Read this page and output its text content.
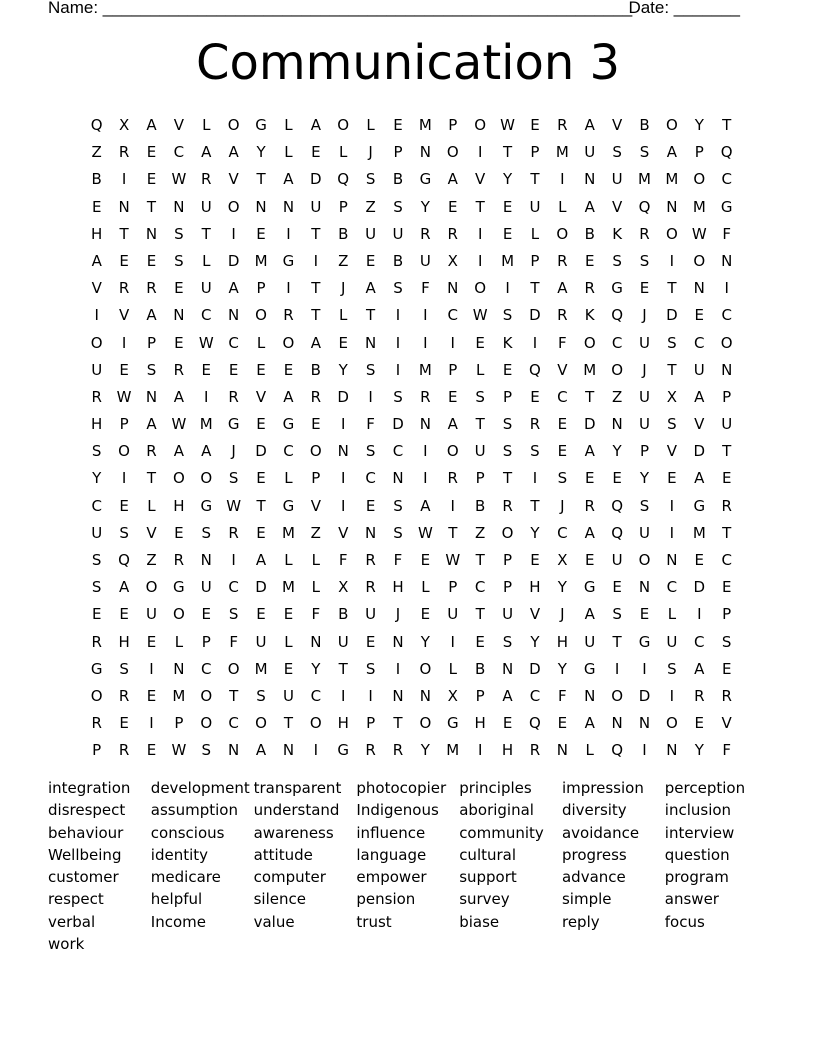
Name: ________________________________________________________
Date: _______
Communication 3
Q	X	A	V	L	O	G	L	A	O	L	E	M	P	O W	E	R	A	V	B	O	Y	T
Z	R	E	C	A	A	Y	L	E	L	J	P	N	O	I	T	P	M	U	S	S	A	P	Q
B	I	E	W R	V	T	A	D	Q	S	B	G	A	V	Y	T	I	N	U	M M	O	C
E	N	T	N	U	O	N	N	U	P	Z	S	Y	E	T	E	U	L	A	V	Q	N	M	G
H	T	N	S	T	I	E	I	T	B	U	U	R	R	I	E	L	O	B	K	R	O W	F
A	E	E	S	L	D	M	G	I	Z	E	B	U	X	I	M	P	R	E	S	S	I	O	N
V	R	R	E	U	A	P	I	T	J	A	S	F	N	O	I	T	A	R	G	E	T	N	I
I	V	A	N	C	N	O	R	T	L	T	I	I	C W	S	D	R	K	Q	J	D	E	C
O	I	P	E	W C	L	O	A	E	N	I	I	I	E	K	I	F	O	C	U	S	C	O
U	E	S	R	E	E	E	E	B	Y	S	I	M	P	L	E	Q	V	M	O	J	T	U	N
R W N	A	I	R	V	A	R	D	I	S	R	E	S	P	E	C	T	Z	U	X	A	P
H	P	A W M	G	E	G	E	I	F	D	N	A	T	S	R	E	D	N	U	S	V	U
S	O	R	A	A	J	D	C	O	N	S	C	I	O	U	S	S	E	A	Y	P	V	D	T
Y	I	T	O	O	S	E	L	P	I	C	N	I	R	P	T	I	S	E	E	Y	E	A	E
C	E	L	H	G W	T	G	V	I	E	S	A	I	B	R	T	J	R	Q	S	I	G	R
U	S	V	E	S	R	E	M	Z	V	N	S	W	T	Z	O	Y	C	A	Q	U	I	M	T
S	Q	Z	R	N	I	A	L	L	F	R	F	E	W	T	P	E	X	E	U	O	N	E	C
S	A	O	G	U	C	D	M	L	X	R	H	L	P	C	P	H	Y	G	E	N	C	D	E
E	E	U	O	E	S	E	E	F	B	U	J	E	U	T	U	V	J	A	S	E	L	I	P
R	H	E	L	P	F	U	L	N	U	E	N	Y	I	E	S	Y	H	U	T	G	U	C	S
G	S	I	N	C	O	M	E	Y	T	S	I	O	L	B	N	D	Y	G	I	I	S	A	E
O	R	E	M	O	T	S	U	C	I	I	N	N	X	P	A	C	F	N	O	D	I	R	R
R	E	I	P	O	C	O	T	O	H	P	T	O	G	H	E	Q	E	A	N	N	O	E	V
P	R	E	W	S	N	A	N	I	G	R	R	Y	M	I	H	R	N	L	Q	I	N	Y	F
integration	development transparent	photocopier principles	impression	perception
disrespect	assumption	understand	Indigenous	aboriginal	diversity	inclusion
behaviour	conscious	awareness	influence	community	avoidance	interview
Wellbeing	identity	attitude	language	cultural	progress	question
customer	medicare	computer	empower	support	advance	program
respect	helpful	silence	pension	survey	simple	answer
verbal	Income	value	trust	biase	reply	focus
work
